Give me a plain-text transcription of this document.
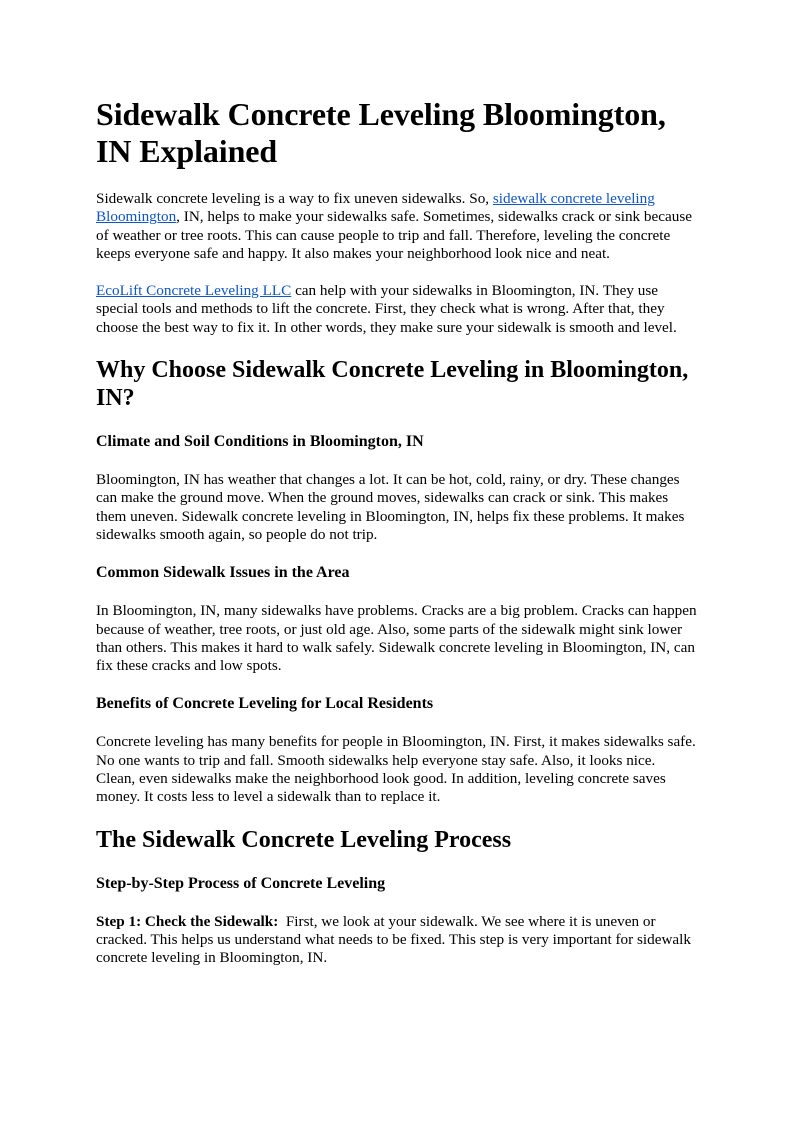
Sidewalk Concrete Leveling Bloomington, IN Explained

Sidewalk concrete leveling is a way to fix uneven sidewalks. So, sidewalk concrete leveling Bloomington, IN, helps to make your sidewalks safe. Sometimes, sidewalks crack or sink because of weather or tree roots. This can cause people to trip and fall. Therefore, leveling the concrete keeps everyone safe and happy. It also makes your neighborhood look nice and neat.

EcoLift Concrete Leveling LLC can help with your sidewalks in Bloomington, IN. They use special tools and methods to lift the concrete. First, they check what is wrong. After that, they choose the best way to fix it. In other words, they make sure your sidewalk is smooth and level.

Why Choose Sidewalk Concrete Leveling in Bloomington, IN?
Climate and Soil Conditions in Bloomington, IN

Bloomington, IN has weather that changes a lot. It can be hot, cold, rainy, or dry. These changes can make the ground move. When the ground moves, sidewalks can crack or sink. This makes them uneven. Sidewalk concrete leveling in Bloomington, IN, helps fix these problems. It makes sidewalks smooth again, so people do not trip.

Common Sidewalk Issues in the Area

In Bloomington, IN, many sidewalks have problems. Cracks are a big problem. Cracks can happen because of weather, tree roots, or just old age. Also, some parts of the sidewalk might sink lower than others. This makes it hard to walk safely. Sidewalk concrete leveling in Bloomington, IN, can fix these cracks and low spots.

Benefits of Concrete Leveling for Local Residents

Concrete leveling has many benefits for people in Bloomington, IN. First, it makes sidewalks safe. No one wants to trip and fall. Smooth sidewalks help everyone stay safe. Also, it looks nice. Clean, even sidewalks make the neighborhood look good. In addition, leveling concrete saves money. It costs less to level a sidewalk than to replace it.

The Sidewalk Concrete Leveling Process
Step-by-Step Process of Concrete Leveling

Step 1: Check the Sidewalk:  First, we look at your sidewalk. We see where it is uneven or cracked. This helps us understand what needs to be fixed. This step is very important for sidewalk concrete leveling in Bloomington, IN.
